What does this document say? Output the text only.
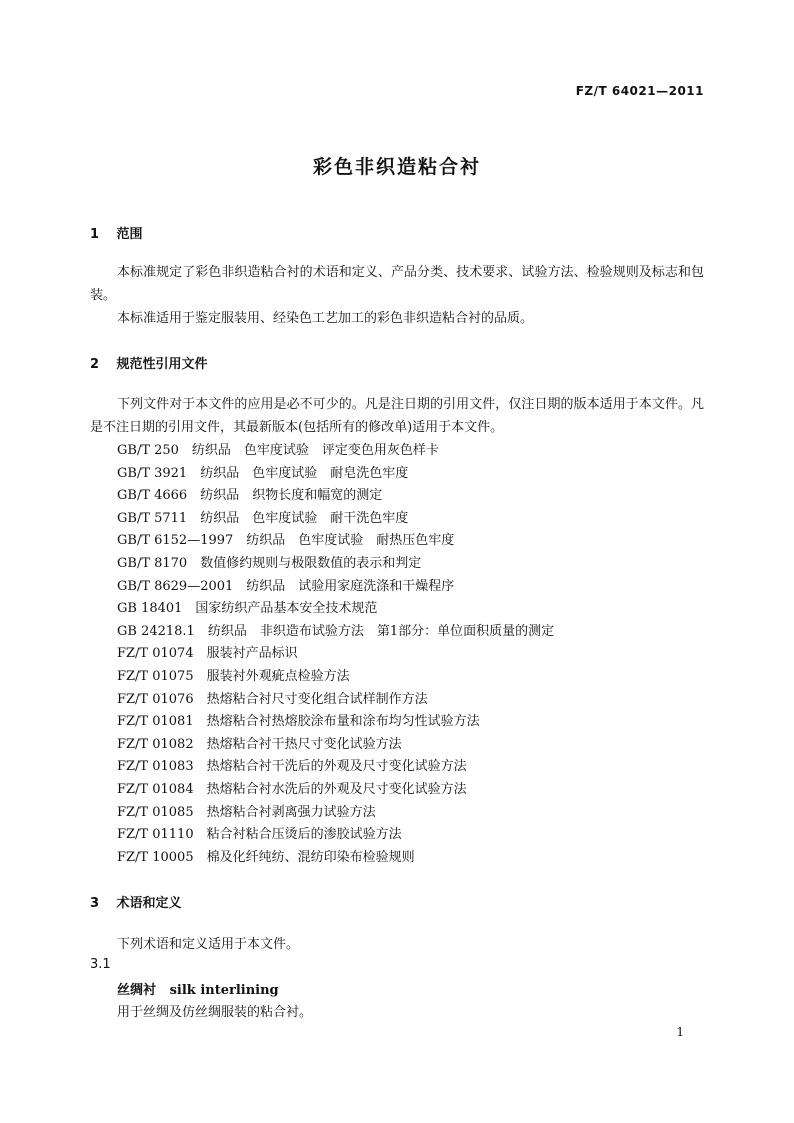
FZ/T 64021—2011
彩色非织造粘合衬
1 范围

本标准规定了彩色非织造粘合衬的术语和定义、产品分类、技术要求、试验方法、检验规则及标志和包装。

本标准适用于鉴定服装用、经染色工艺加工的彩色非织造粘合衬的品质。

2 规范性引用文件

下列文件对于本文件的应用是必不可少的。凡是注日期的引用文件，仅注日期的版本适用于本文件。凡是不注日期的引用文件，其最新版本(包括所有的修改单)适用于本文件。

GB/T 250　纺织品　色牢度试验　评定变色用灰色样卡
GB/T 3921　纺织品　色牢度试验　耐皂洗色牢度
GB/T 4666　纺织品　织物长度和幅宽的测定
GB/T 5711　纺织品　色牢度试验　耐干洗色牢度
GB/T 6152—1997　纺织品　色牢度试验　耐热压色牢度
GB/T 8170　数值修约规则与极限数值的表示和判定
GB/T 8629—2001　纺织品　试验用家庭洗涤和干燥程序
GB 18401　国家纺织产品基本安全技术规范
GB 24218.1　纺织品　非织造布试验方法　第1部分：单位面积质量的测定
FZ/T 01074　服装衬产品标识
FZ/T 01075　服装衬外观疵点检验方法
FZ/T 01076　热熔粘合衬尺寸变化组合试样制作方法
FZ/T 01081　热熔粘合衬热熔胶涂布量和涂布均匀性试验方法
FZ/T 01082　热熔粘合衬干热尺寸变化试验方法
FZ/T 01083　热熔粘合衬干洗后的外观及尺寸变化试验方法
FZ/T 01084　热熔粘合衬水洗后的外观及尺寸变化试验方法
FZ/T 01085　热熔粘合衬剥离强力试验方法
FZ/T 01110　粘合衬粘合压烫后的渗胶试验方法
FZ/T 10005　棉及化纤纯纺、混纺印染布检验规则
3 术语和定义
下列术语和定义适用于本文件。
3.1
丝绸衬 silk interlining
用于丝绸及仿丝绸服装的粘合衬。
1
